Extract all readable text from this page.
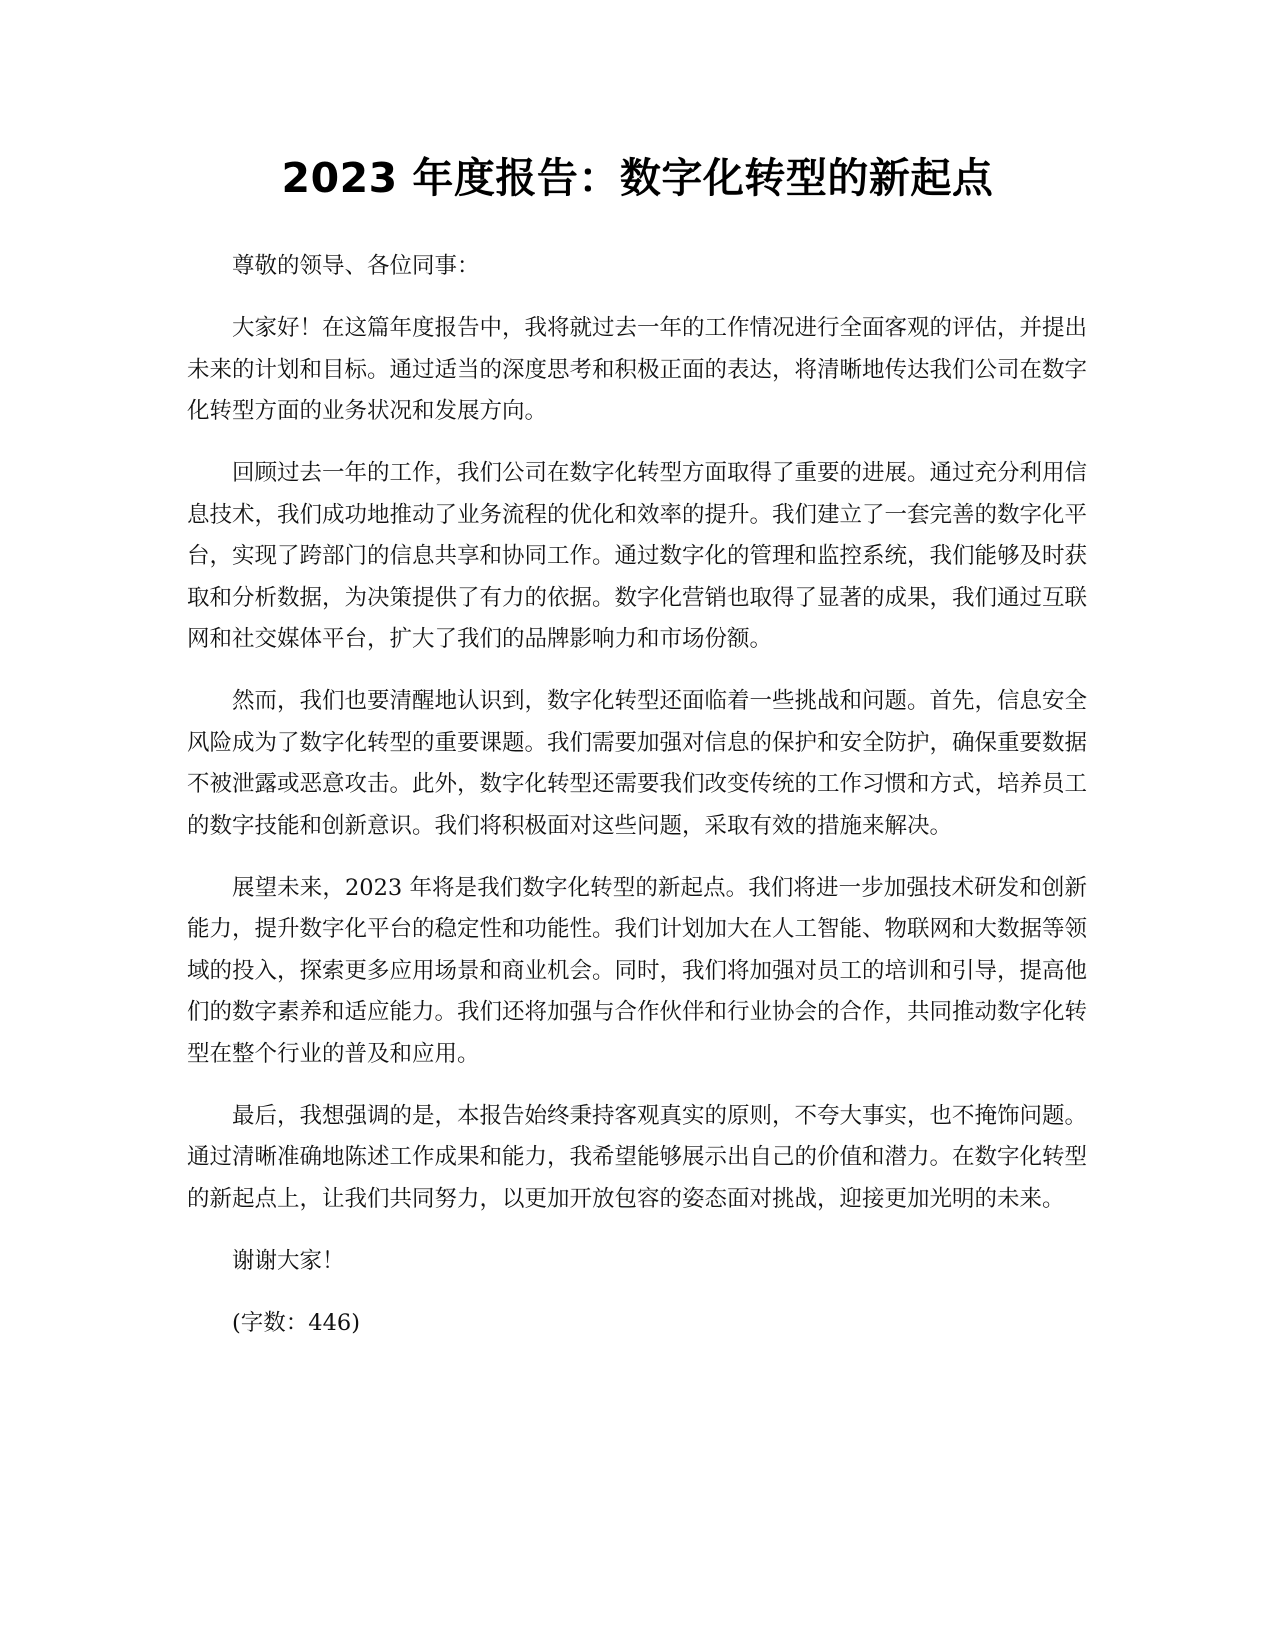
2023 年度报告：数字化转型的新起点

尊敬的领导、各位同事：

大家好！在这篇年度报告中，我将就过去一年的工作情况进行全面客观的评估，并提出未来的计划和目标。通过适当的深度思考和积极正面的表达，将清晰地传达我们公司在数字化转型方面的业务状况和发展方向。

回顾过去一年的工作，我们公司在数字化转型方面取得了重要的进展。通过充分利用信息技术，我们成功地推动了业务流程的优化和效率的提升。我们建立了一套完善的数字化平台，实现了跨部门的信息共享和协同工作。通过数字化的管理和监控系统，我们能够及时获取和分析数据，为决策提供了有力的依据。数字化营销也取得了显著的成果，我们通过互联网和社交媒体平台，扩大了我们的品牌影响力和市场份额。

然而，我们也要清醒地认识到，数字化转型还面临着一些挑战和问题。首先，信息安全风险成为了数字化转型的重要课题。我们需要加强对信息的保护和安全防护，确保重要数据不被泄露或恶意攻击。此外，数字化转型还需要我们改变传统的工作习惯和方式，培养员工的数字技能和创新意识。我们将积极面对这些问题，采取有效的措施来解决。

展望未来，2023 年将是我们数字化转型的新起点。我们将进一步加强技术研发和创新能力，提升数字化平台的稳定性和功能性。我们计划加大在人工智能、物联网和大数据等领域的投入，探索更多应用场景和商业机会。同时，我们将加强对员工的培训和引导，提高他们的数字素养和适应能力。我们还将加强与合作伙伴和行业协会的合作，共同推动数字化转型在整个行业的普及和应用。

最后，我想强调的是，本报告始终秉持客观真实的原则，不夸大事实，也不掩饰问题。通过清晰准确地陈述工作成果和能力，我希望能够展示出自己的价值和潜力。在数字化转型的新起点上，让我们共同努力，以更加开放包容的姿态面对挑战，迎接更加光明的未来。

谢谢大家！

(字数：446)
